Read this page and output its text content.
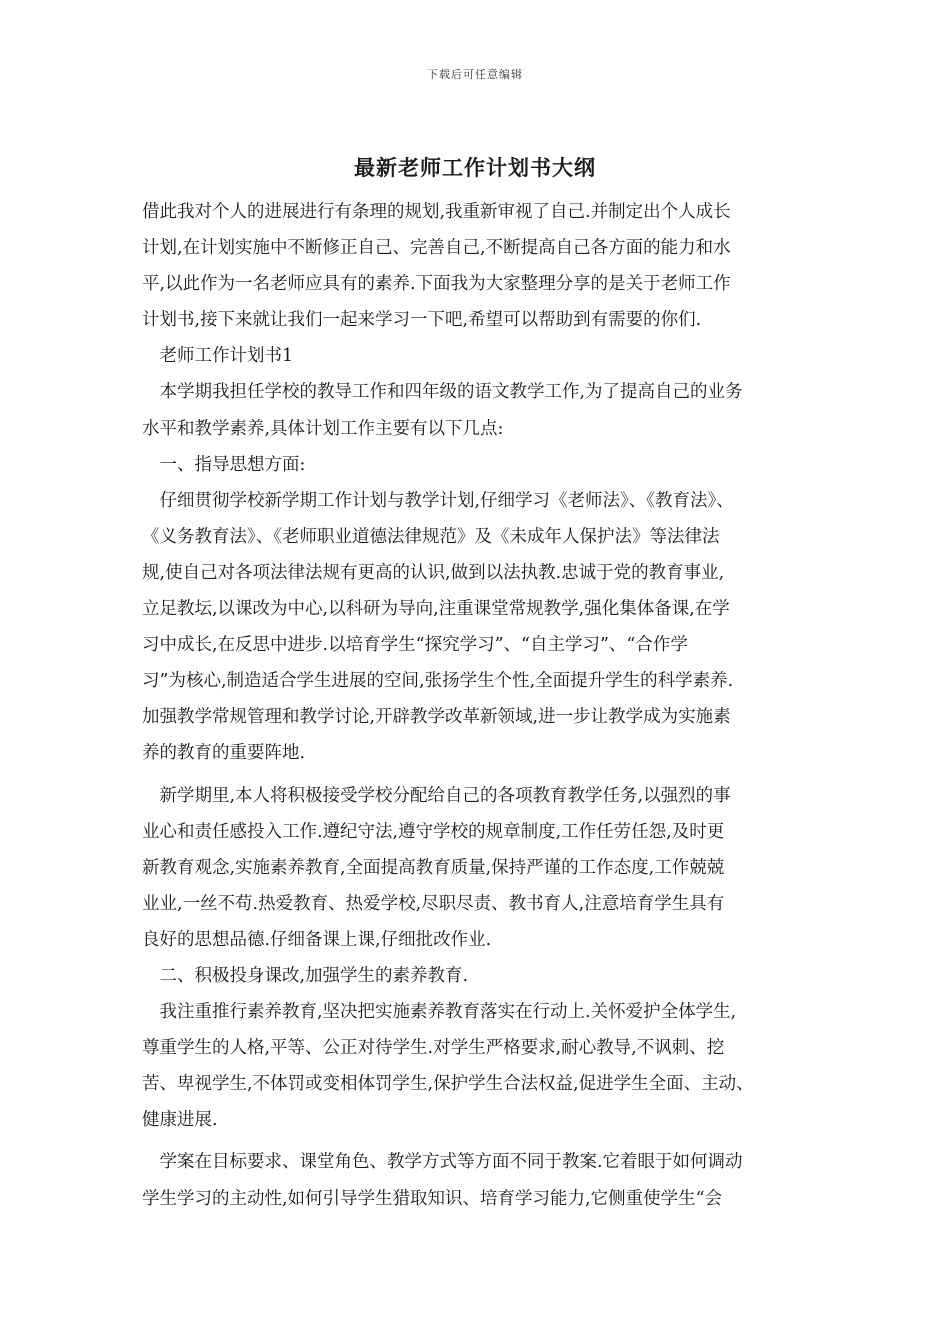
下载后可任意编辑
最新老师工作计划书大纲
借此我对个人的进展进行有条理的规划,我重新审视了自己.并制定出个人成长
计划,在计划实施中不断修正自己、完善自己,不断提高自己各方面的能力和水
平,以此作为一名老师应具有的素养.下面我为大家整理分享的是关于老师工作
计划书,接下来就让我们一起来学习一下吧,希望可以帮助到有需要的你们.
　老师工作计划书1
　本学期我担任学校的教导工作和四年级的语文教学工作,为了提高自己的业务
水平和教学素养,具体计划工作主要有以下几点:
　一、指导思想方面:
　仔细贯彻学校新学期工作计划与教学计划,仔细学习《老师法》、《教育法》、
《义务教育法》、《老师职业道德法律规范》及《未成年人保护法》等法律法
规,使自己对各项法律法规有更高的认识,做到以法执教.忠诚于党的教育事业,
立足教坛,以课改为中心,以科研为导向,注重课堂常规教学,强化集体备课,在学
习中成长,在反思中进步.以培育学生“探究学习”、“自主学习”、“合作学
习”为核心,制造适合学生进展的空间,张扬学生个性,全面提升学生的科学素养.
加强教学常规管理和教学讨论,开辟教学改革新领域,进一步让教学成为实施素
养的教育的重要阵地.
　新学期里,本人将积极接受学校分配给自己的各项教育教学任务,以强烈的事
业心和责任感投入工作.遵纪守法,遵守学校的规章制度,工作任劳任怨,及时更
新教育观念,实施素养教育,全面提高教育质量,保持严谨的工作态度,工作兢兢
业业,一丝不苟.热爱教育、热爱学校,尽职尽责、教书育人,注意培育学生具有
良好的思想品德.仔细备课上课,仔细批改作业.
　二、积极投身课改,加强学生的素养教育.
　我注重推行素养教育,坚决把实施素养教育落实在行动上.关怀爱护全体学生,
尊重学生的人格,平等、公正对待学生.对学生严格要求,耐心教导,不讽刺、挖
苦、卑视学生,不体罚或变相体罚学生,保护学生合法权益,促进学生全面、主动、
健康进展.
　学案在目标要求、课堂角色、教学方式等方面不同于教案.它着眼于如何调动
学生学习的主动性,如何引导学生猎取知识、培育学习能力,它侧重使学生“会
